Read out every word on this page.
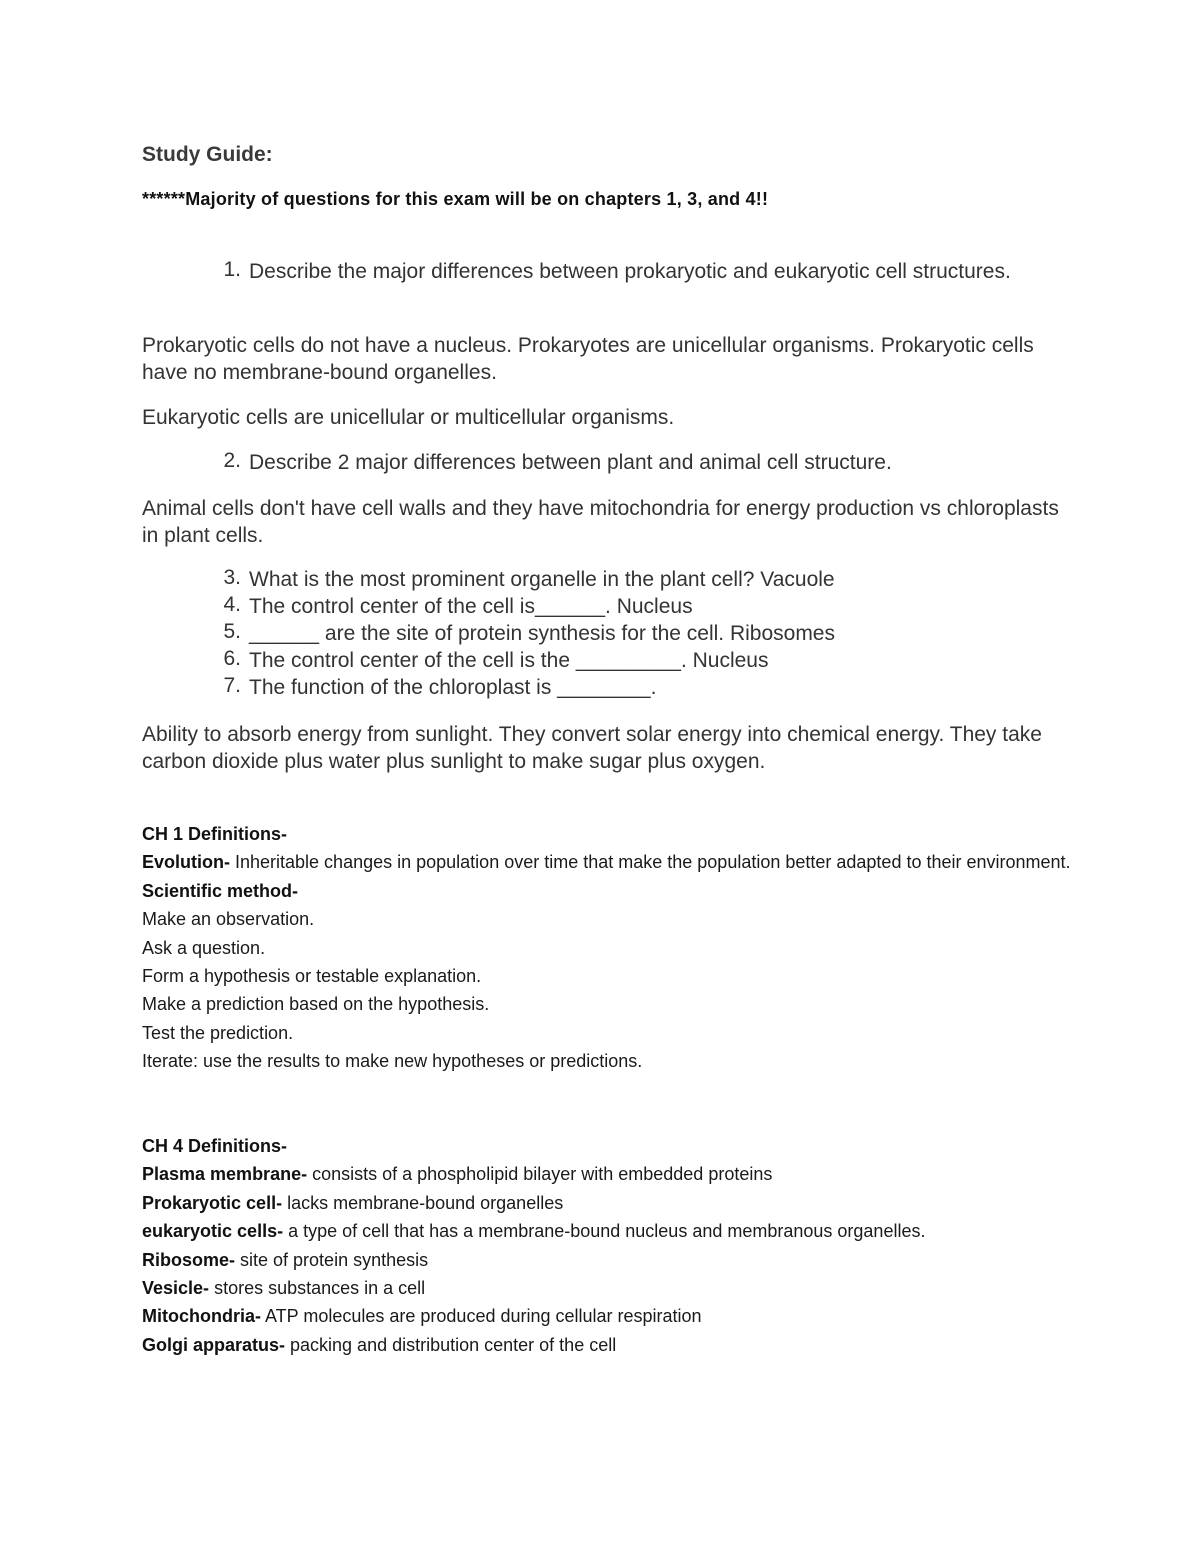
Study Guide:
******Majority of questions for this exam will be on chapters 1, 3, and 4!!
1. Describe the major differences between prokaryotic and eukaryotic cell structures.
Prokaryotic cells do not have a nucleus. Prokaryotes are unicellular organisms. Prokaryotic cells have no membrane-bound organelles.
Eukaryotic cells are unicellular or multicellular organisms.
2. Describe 2 major differences between plant and animal cell structure.
Animal cells don't have cell walls and they have mitochondria for energy production vs chloroplasts in plant cells.
3. What is the most prominent organelle in the plant cell? Vacuole
4. The control center of the cell is______. Nucleus
5. ______ are the site of protein synthesis for the cell. Ribosomes
6. The control center of the cell is the _________. Nucleus
7. The function of the chloroplast is ________.
Ability to absorb energy from sunlight. They convert solar energy into chemical energy. They take carbon dioxide plus water plus sunlight to make sugar plus oxygen.
CH 1 Definitions-
Evolution- Inheritable changes in population over time that make the population better adapted to their environment.
Scientific method-
Make an observation.
Ask a question.
Form a hypothesis or testable explanation.
Make a prediction based on the hypothesis.
Test the prediction.
Iterate: use the results to make new hypotheses or predictions.
CH 4 Definitions-
Plasma membrane- consists of a phospholipid bilayer with embedded proteins
Prokaryotic cell- lacks membrane-bound organelles
eukaryotic cells- a type of cell that has a membrane-bound nucleus and membranous organelles.
Ribosome- site of protein synthesis
Vesicle- stores substances in a cell
Mitochondria- ATP molecules are produced during cellular respiration
Golgi apparatus- packing and distribution center of the cell
